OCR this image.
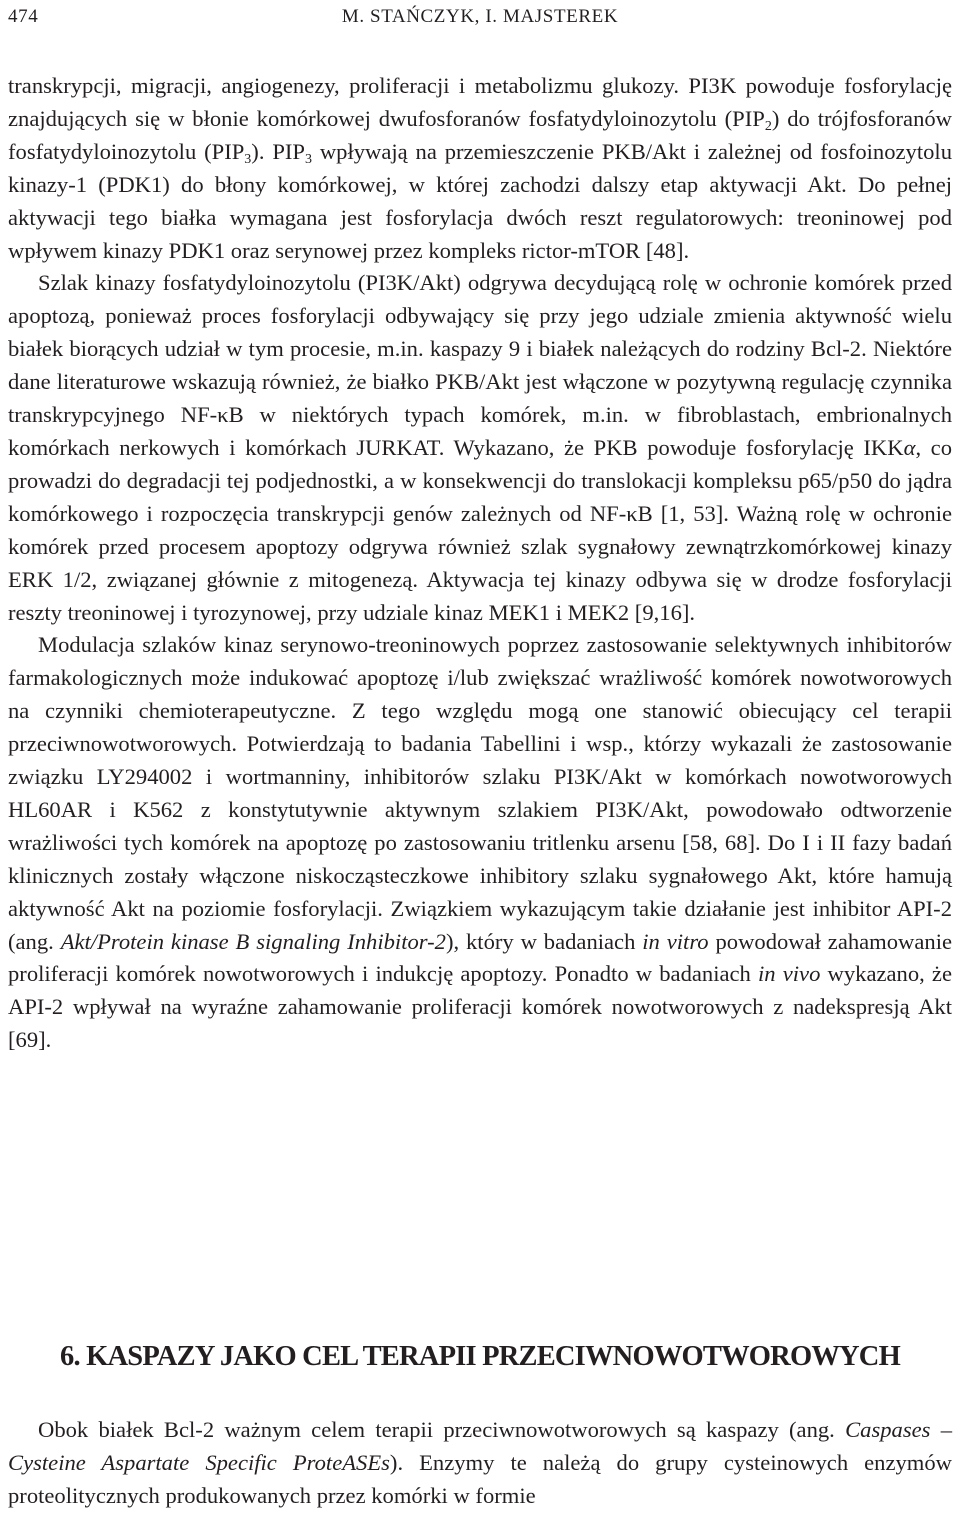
474	M. STAŃCZYK, I. MAJSTEREK

transkrypcji, migracji, angiogenezy, proliferacji i metabolizmu glukozy. PI3K powoduje fosforylację znajdujących się w błonie komórkowej dwufosforanów fosfatydyloinozytolu $(PIP_2)$ do trójfosforanów fosfatydyloinozytolu $(PIP_3)$. $PIP_3$ wpływają na przemieszczenie PKB/Akt i zależnej od fosfoinozytolu kinazy-1 (PDK1) do błony komórkowej, w której zachodzi dalszy etap aktywacji Akt. Do pełnej aktywacji tego białka wymagana jest fosforylacja dwóch reszt regulatorowych: treoninowej pod wpływem kinazy PDK1 oraz serynowej przez kompleks rictor-mTOR [48].

Szlak kinazy fosfatydyloinozytolu (PI3K/Akt) odgrywa decydującą rolę w ochronie komórek przed apoptozą, ponieważ proces fosforylacji odbywający się przy jego udziale zmienia aktywność wielu białek biorących udział w tym procesie, m.in. kaspazy 9 i białek należących do rodziny Bcl-2. Niektóre dane literaturowe wskazują również, że białko PKB/Akt jest włączone w pozytywną regulację czynnika transkrypcyjnego NF-κB w niektórych typach komórek, m.in. w fibroblastach, embrionalnych komórkach nerkowych i komórkach JURKAT. Wykazano, że PKB powoduje fosforylację IKKα, co prowadzi do degradacji tej podjednostki, a w konsekwencji do translokacji kompleksu p65/p50 do jądra komórkowego i rozpoczęcia transkrypcji genów zależnych od NF-κB [1, 53]. Ważną rolę w ochronie komórek przed procesem apoptozy odgrywa również szlak sygnałowy zewnątrzkomórkowej kinazy ERK 1/2, związanej głównie z mitogenezą. Aktywacja tej kinazy odbywa się w drodze fosforylacji reszty treoninowej i tyrozynowej, przy udziale kinaz MEK1 i MEK2 [9,16].

Modulacja szlaków kinaz serynowo-treoninowych poprzez zastosowanie selektywnych inhibitorów farmakologicznych może indukować apoptozę i/lub zwiększać wrażliwość komórek nowotworowych na czynniki chemioterapeutyczne. Z tego względu mogą one stanowić obiecujący cel terapii przeciwnowotworowych. Potwierdzają to badania Tabellini i wsp., którzy wykazali że zastosowanie związku LY294002 i wortmanniny, inhibitorów szlaku PI3K/Akt w komórkach nowotworowych HL60AR i K562 z konstytutywnie aktywnym szlakiem PI3K/Akt, powodowało odtworzenie wrażliwości tych komórek na apoptozę po zastosowaniu tritlenku arsenu [58, 68]. Do I i II fazy badań klinicznych zostały włączone niskocząsteczkowe inhibitory szlaku sygnałowego Akt, które hamują aktywność Akt na poziomie fosforylacji. Związkiem wykazującym takie działanie jest inhibitor API-2 (ang. Akt/Protein kinase B signaling Inhibitor-2), który w badaniach in vitro powodował zahamowanie proliferacji komórek nowotworowych i indukcję apoptozy. Ponadto w badaniach in vivo wykazano, że API-2 wpływał na wyraźne zahamowanie proliferacji komórek nowotworowych z nadekspresją Akt [69].

6. KASPAZY JAKO CEL TERAPII PRZECIWNOWOTWOROWYCH

Obok białek Bcl-2 ważnym celem terapii przeciwnowotworowych są kaspazy (ang. Caspases – Cysteine Aspartate Specific ProteASEs). Enzymy te należą do grupy cysteinowych enzymów proteolitycznych produkowanych przez komórki w formie
